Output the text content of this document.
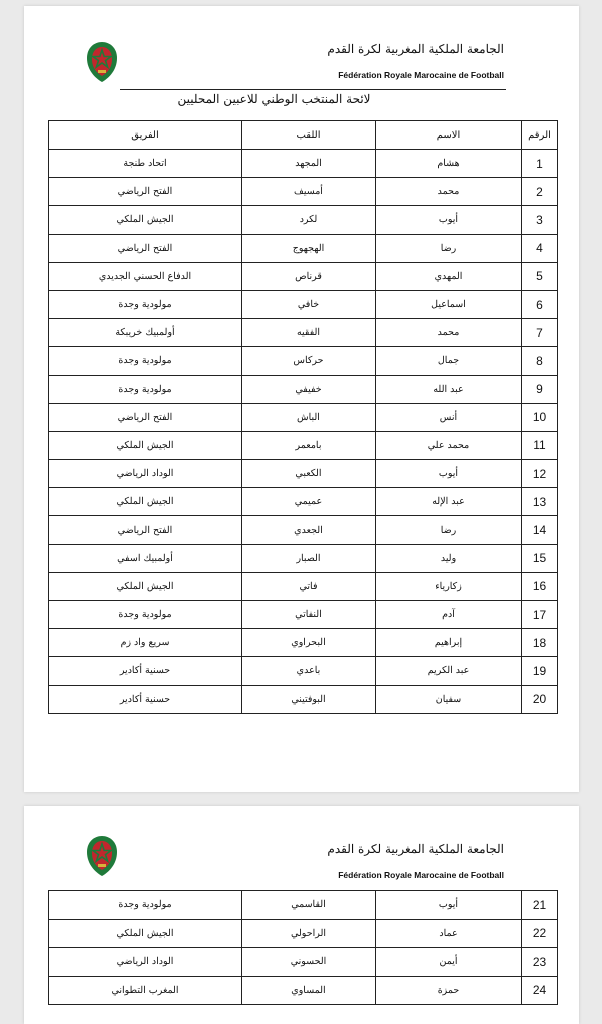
الجامعة الملكية المغربية لكرة القدم
Fédération Royale Marocaine de Football
لائحة المنتخب الوطني للاعبين المحليين
الرقم	الاسم	اللقب	الفريق
1	هشام	المجهد	اتحاد طنجة
2	محمد	أمسيف	الفتح الرياضي
3	أيوب	لكرد	الجيش الملكي
4	رضا	الهجهوج	الفتح الرياضي
5	المهدي	قرناص	الدفاع الحسني الجديدي
6	اسماعيل	خافي	مولودية وجدة
7	محمد	الفقيه	أولمبيك خريبكة
8	جمال	حركاس	مولودية وجدة
9	عبد الله	خفيفي	مولودية وجدة
10	أنس	الباش	الفتح الرياضي
11	محمد علي	بامعمر	الجيش الملكي
12	أيوب	الكعبي	الوداد الرياضي
13	عبد الإله	عميمي	الجيش الملكي
14	رضا	الجعدي	الفتح الرياضي
15	وليد	الصبار	أولمبيك اسفي
16	زكارياء	فاتي	الجيش الملكي
17	آدم	النفاتي	مولودية وجدة
18	إبراهيم	البحراوي	سريع واد زم
19	عبد الكريم	باعدي	حسنية أكادير
20	سفيان	البوفتيني	حسنية أكادير
الجامعة الملكية المغربية لكرة القدم
Fédération Royale Marocaine de Football
21	أيوب	القاسمي	مولودية وجدة
22	عماد	الراحولي	الجيش الملكي
23	أيمن	الحسوني	الوداد الرياضي
24	حمزة	المساوي	المغرب التطواني
